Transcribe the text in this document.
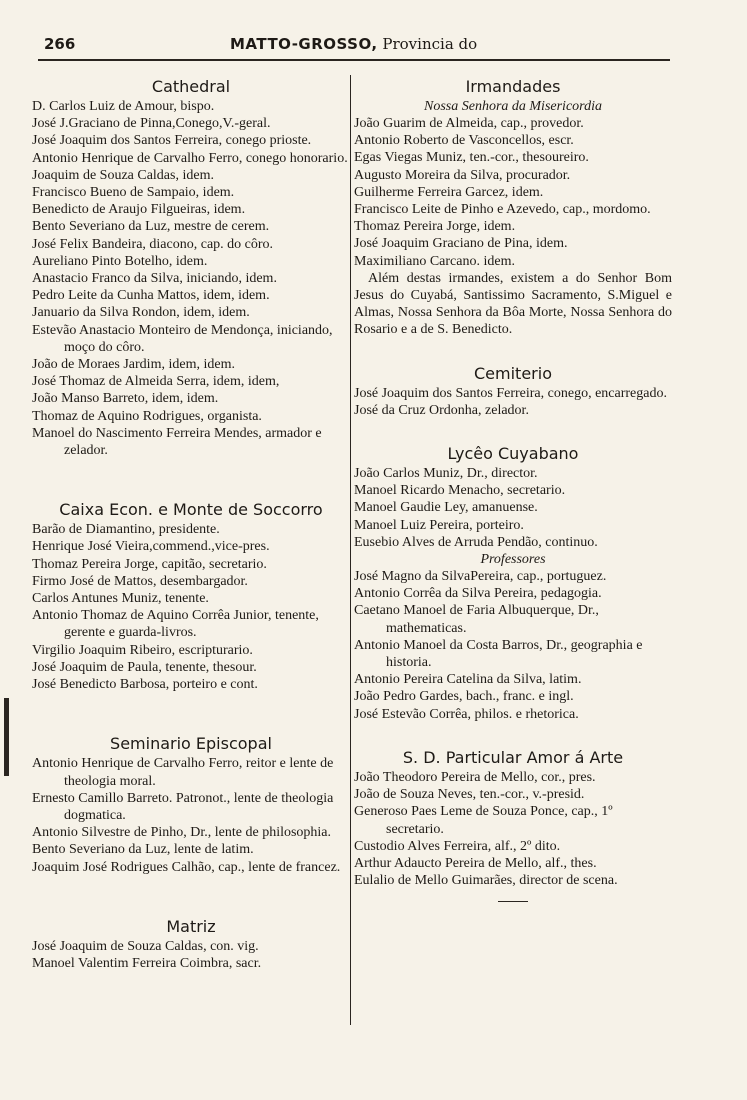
266	MATTO-GROSSO, Provincia do
Cathedral

D. Carlos Luiz de Amour, bispo.

José J.Graciano de Pinna,Conego,V.-geral.

José Joaquim dos Santos Ferreira, conego prioste.

Antonio Henrique de Carvalho Ferro, conego honorario.

Joaquim de Souza Caldas, idem.

Francisco Bueno de Sampaio, idem.

Benedicto de Araujo Filgueiras, idem.

Bento Severiano da Luz, mestre de cerem.

José Felix Bandeira, diacono, cap. do côro.

Aureliano Pinto Botelho, idem.

Anastacio Franco da Silva, iniciando, idem.

Pedro Leite da Cunha Mattos, idem, idem.

Januario da Silva Rondon, idem, idem.

Estevão Anastacio Monteiro de Mendonça, iniciando, moço do côro.

João de Moraes Jardim, idem, idem.

José Thomaz de Almeida Serra, idem, idem,

João Manso Barreto, idem, idem.

Thomaz de Aquino Rodrigues, organista.

Manoel do Nascimento Ferreira Mendes, armador e zelador.

Caixa Econ. e Monte de Soccorro

Barão de Diamantino, presidente.

Henrique José Vieira,commend.,vice-pres.

Thomaz Pereira Jorge, capitão, secretario.

Firmo José de Mattos, desembargador.

Carlos Antunes Muniz, tenente.

Antonio Thomaz de Aquino Corrêa Junior, tenente, gerente e guarda-livros.

Virgilio Joaquim Ribeiro, escripturario.

José Joaquim de Paula, tenente, thesour.

José Benedicto Barbosa, porteiro e cont.

Seminario Episcopal

Antonio Henrique de Carvalho Ferro, reitor e lente de theologia moral.

Ernesto Camillo Barreto. Patronot., lente de theologia dogmatica.

Antonio Silvestre de Pinho, Dr., lente de philosophia.

Bento Severiano da Luz, lente de latim.

Joaquim José Rodrigues Calhão, cap., lente de francez.

Matriz

José Joaquim de Souza Caldas, con. vig.

Manoel Valentim Ferreira Coimbra, sacr.

Irmandades

Nossa Senhora da Misericordia

João Guarim de Almeida, cap., provedor.

Antonio Roberto de Vasconcellos, escr.

Egas Viegas Muniz, ten.-cor., thesoureiro.

Augusto Moreira da Silva, procurador.

Guilherme Ferreira Garcez, idem.

Francisco Leite de Pinho e Azevedo, cap., mordomo.

Thomaz Pereira Jorge, idem.

José Joaquim Graciano de Pina, idem.

Maximiliano Carcano. idem.

Além destas irmandes, existem a do Senhor Bom Jesus do Cuyabá, Santissimo Sacramento, S.Miguel e Almas, Nossa Senhora da Bôa Morte, Nossa Senhora do Rosario e a de S. Benedicto.

Cemiterio

José Joaquim dos Santos Ferreira, conego, encarregado.

José da Cruz Ordonha, zelador.

Lycêo Cuyabano

João Carlos Muniz, Dr., director.

Manoel Ricardo Menacho, secretario.

Manoel Gaudie Ley, amanuense.

Manoel Luiz Pereira, porteiro.

Eusebio Alves de Arruda Pendão, continuo.

Professores

José Magno da SilvaPereira, cap., portuguez.

Antonio Corrêa da Silva Pereira, pedagogia.

Caetano Manoel de Faria Albuquerque, Dr., mathematicas.

Antonio Manoel da Costa Barros, Dr., geographia e historia.

Antonio Pereira Catelina da Silva, latim.

João Pedro Gardes, bach., franc. e ingl.

José Estevão Corrêa, philos. e rhetorica.

S. D. Particular Amor á Arte

João Theodoro Pereira de Mello, cor., pres.

João de Souza Neves, ten.-cor., v.-presid.

Generoso Paes Leme de Souza Ponce, cap., 1º secretario.

Custodio Alves Ferreira, alf., 2º dito.

Arthur Adaucto Pereira de Mello, alf., thes.

Eulalio de Mello Guimarães, director de scena.
